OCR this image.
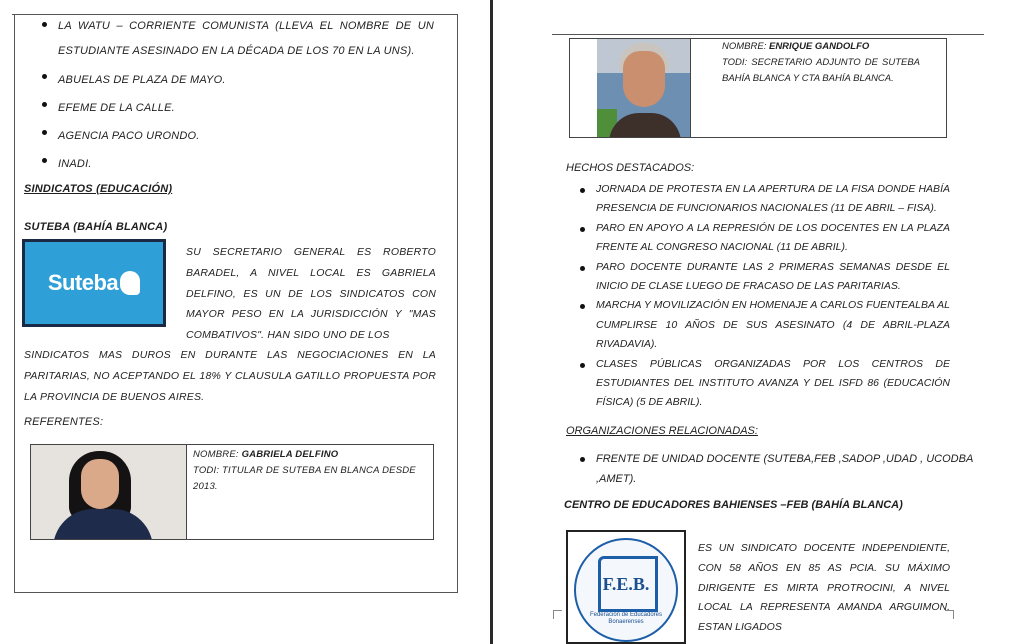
LA WATU – CORRIENTE COMUNISTA (LLEVA EL NOMBRE DE UN ESTUDIANTE ASESINADO EN LA DÉCADA DE LOS 70 EN LA UNS).
ABUELAS DE PLAZA DE MAYO.
EFEME DE LA CALLE.
AGENCIA PACO URONDO.
INADI.
SINDICATOS (EDUCACIÓN)
SUTEBA (BAHÍA BLANCA)
Suteba
SU SECRETARIO GENERAL ES ROBERTO BARADEL, A NIVEL LOCAL ES GABRIELA DELFINO, ES UN DE LOS SINDICATOS CON MAYOR PESO EN LA JURISDICCIÓN Y "MAS COMBATIVOS". HAN SIDO UNO DE LOS
SINDICATOS MAS DUROS EN DURANTE LAS NEGOCIACIONES EN LA PARITARIAS, NO ACEPTANDO EL 18% Y CLAUSULA GATILLO PROPUESTA POR LA PROVINCIA DE BUENOS AIRES.
REFERENTES:
NOMBRE: GABRIELA DELFINO
TODI: TITULAR DE SUTEBA EN BLANCA DESDE 2013.
NOMBRE: ENRIQUE GANDOLFO
TODI: SECRETARIO ADJUNTO DE SUTEBA BAHÍA BLANCA Y CTA BAHÍA BLANCA.
HECHOS DESTACADOS:
JORNADA DE PROTESTA EN LA APERTURA DE LA FISA DONDE HABÍA PRESENCIA DE FUNCIONARIOS NACIONALES (11 DE ABRIL – FISA).
PARO EN APOYO A LA REPRESIÓN DE LOS DOCENTES EN LA PLAZA FRENTE AL CONGRESO NACIONAL (11 DE ABRIL).
PARO DOCENTE DURANTE LAS 2 PRIMERAS SEMANAS DESDE EL INICIO DE CLASE LUEGO DE FRACASO DE LAS PARITARIAS.
MARCHA Y MOVILIZACIÓN EN HOMENAJE A CARLOS FUENTEALBA AL CUMPLIRSE 10 AÑOS DE SUS ASESINATO (4 DE ABRIL-PLAZA RIVADAVIA).
CLASES PÚBLICAS ORGANIZADAS POR LOS CENTROS DE ESTUDIANTES DEL INSTITUTO AVANZA Y DEL ISFD 86 (EDUCACIÓN FÍSICA) (5 DE ABRIL).
ORGANIZACIONES RELACIONADAS:
FRENTE DE UNIDAD DOCENTE (SUTEBA,FEB ,SADOP ,UDAD , UCODBA ,AMET).
CENTRO DE EDUCADORES BAHIENSES –FEB (BAHÍA BLANCA)
F.E.B.
Federación de Educadores Bonaerenses
ES UN SINDICATO DOCENTE INDEPENDIENTE, CON 58 AÑOS EN 85 AS PCIA. SU MÁXIMO DIRIGENTE ES MIRTA PROTROCINI, A NIVEL LOCAL LA REPRESENTA AMANDA ARGUIMON. ESTAN LIGADOS
